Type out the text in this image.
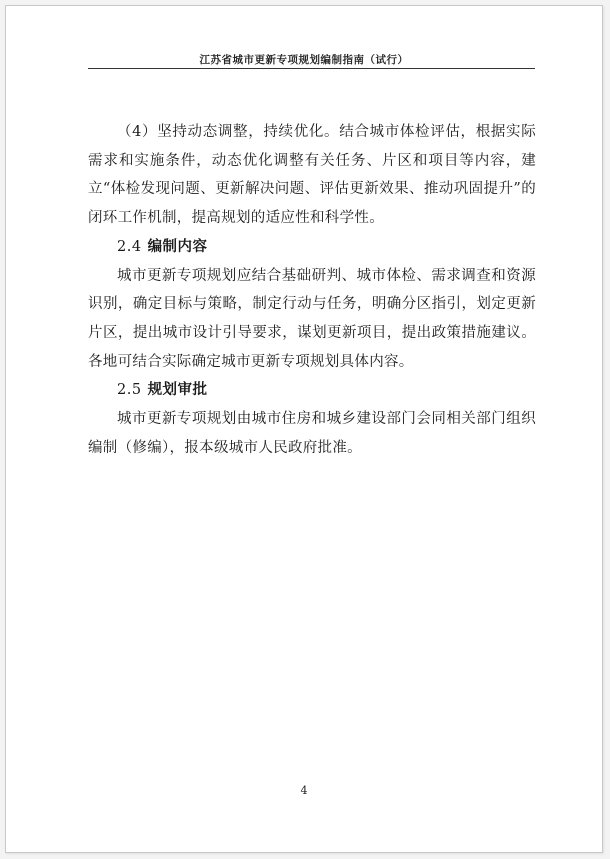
江苏省城市更新专项规划编制指南（试行）

（4）坚持动态调整，持续优化。结合城市体检评估，根据实际需求和实施条件，动态优化调整有关任务、片区和项目等内容，建立“体检发现问题、更新解决问题、评估更新效果、推动巩固提升”的闭环工作机制，提高规划的适应性和科学性。

2.4 编制内容

城市更新专项规划应结合基础研判、城市体检、需求调查和资源识别，确定目标与策略，制定行动与任务，明确分区指引，划定更新片区，提出城市设计引导要求，谋划更新项目，提出政策措施建议。各地可结合实际确定城市更新专项规划具体内容。

2.5 规划审批

城市更新专项规划由城市住房和城乡建设部门会同相关部门组织编制（修编），报本级城市人民政府批准。

4
